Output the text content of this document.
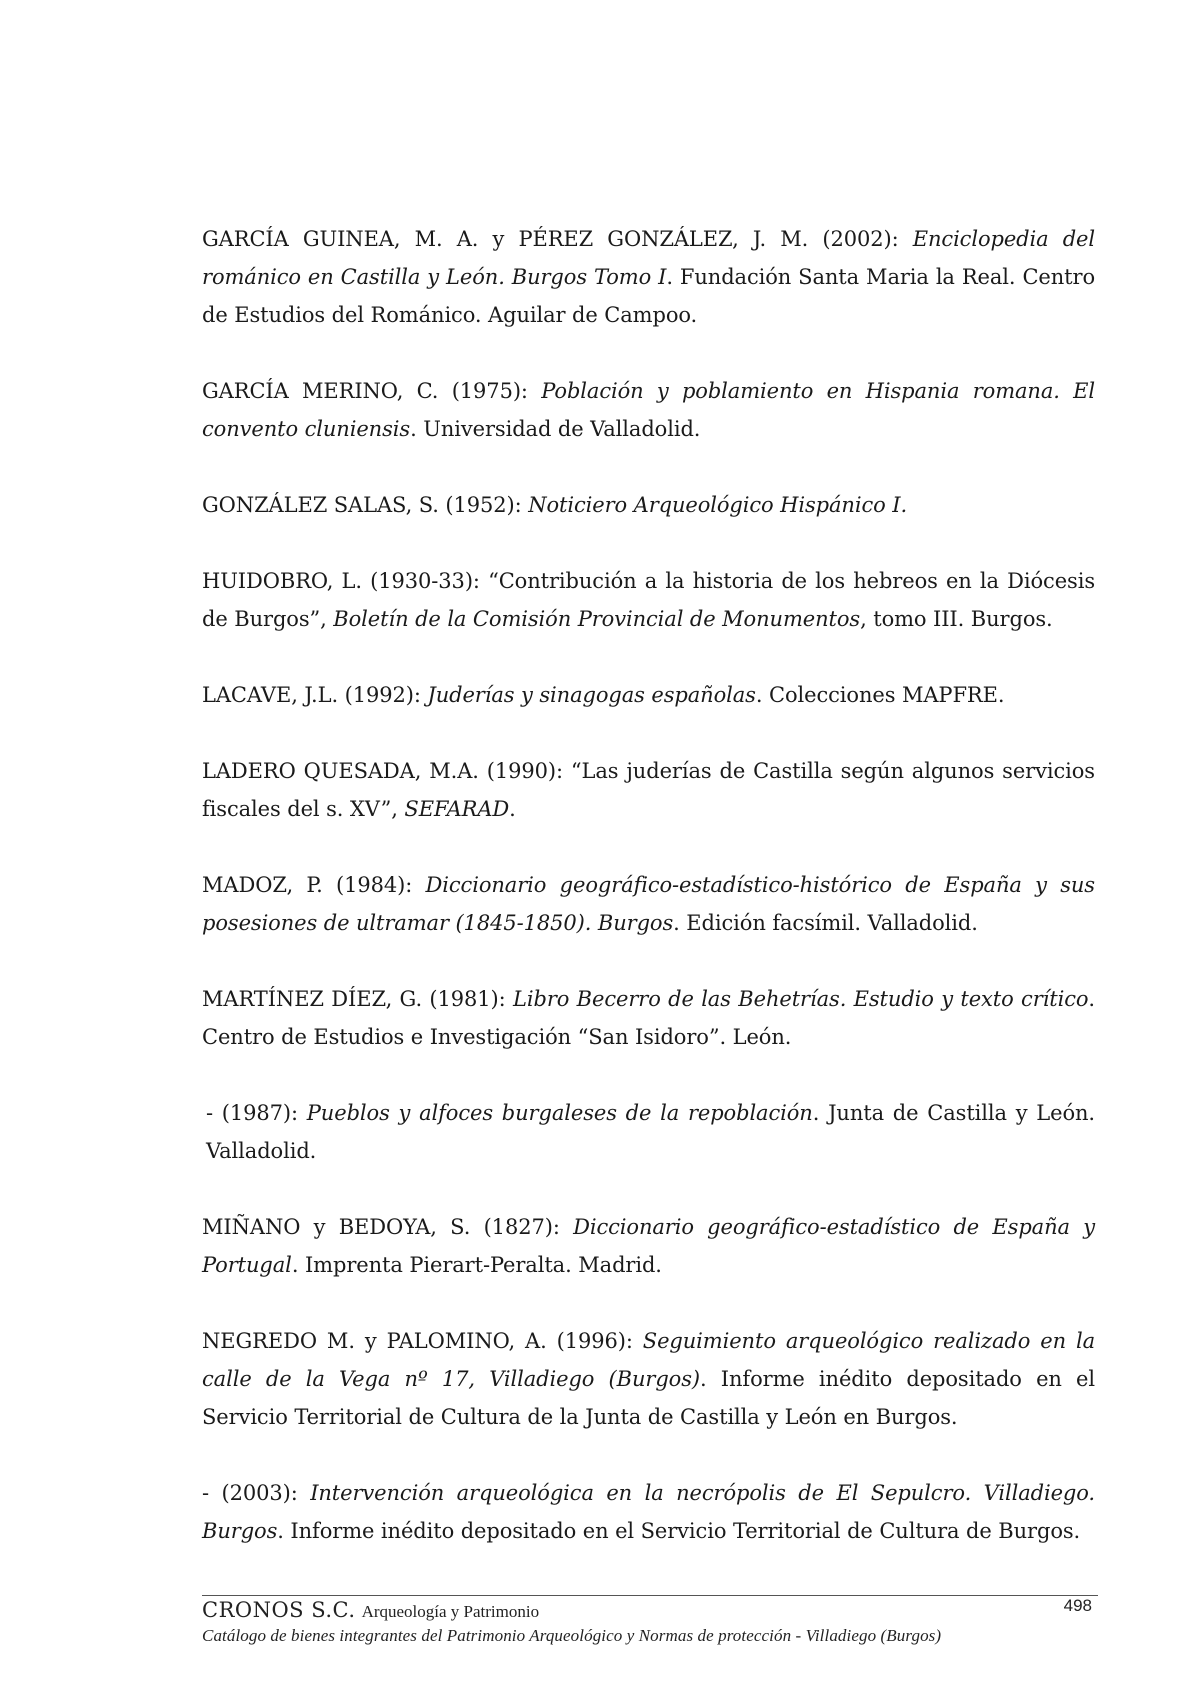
GARCÍA GUINEA, M. A. y PÉREZ GONZÁLEZ, J. M. (2002): Enciclopedia del románico en Castilla y León. Burgos Tomo I. Fundación Santa Maria la Real. Centro de Estudios del Románico. Aguilar de Campoo.

GARCÍA MERINO, C. (1975): Población y poblamiento en Hispania romana. El convento cluniensis. Universidad de Valladolid.

GONZÁLEZ SALAS, S. (1952): Noticiero Arqueológico Hispánico I.

HUIDOBRO, L. (1930-33): “Contribución a la historia de los hebreos en la Diócesis de Burgos”, Boletín de la Comisión Provincial de Monumentos, tomo III. Burgos.

LACAVE, J.L. (1992): Juderías y sinagogas españolas. Colecciones MAPFRE.

LADERO QUESADA, M.A. (1990): “Las juderías de Castilla según algunos servicios fiscales del s. XV”, SEFARAD.

MADOZ, P. (1984): Diccionario geográfico-estadístico-histórico de España y sus posesiones de ultramar (1845-1850). Burgos. Edición facsímil. Valladolid.

MARTÍNEZ DÍEZ, G. (1981): Libro Becerro de las Behetrías. Estudio y texto crítico. Centro de Estudios e Investigación “San Isidoro”. León.

- (1987): Pueblos y alfoces burgaleses de la repoblación. Junta de Castilla y León. Valladolid.

MIÑANO y BEDOYA, S. (1827): Diccionario geográfico-estadístico de España y Portugal. Imprenta Pierart-Peralta. Madrid.

NEGREDO M. y PALOMINO, A. (1996): Seguimiento arqueológico realizado en la calle de la Vega nº 17, Villadiego (Burgos). Informe inédito depositado en el Servicio Territorial de Cultura de la Junta de Castilla y León en Burgos.

- (2003): Intervención arqueológica en la necrópolis de El Sepulcro. Villadiego. Burgos. Informe inédito depositado en el Servicio Territorial de Cultura de Burgos.

CRONOS S.C. Arqueología y Patrimonio	498
Catálogo de bienes integrantes del Patrimonio Arqueológico y Normas de protección - Villadiego (Burgos)
